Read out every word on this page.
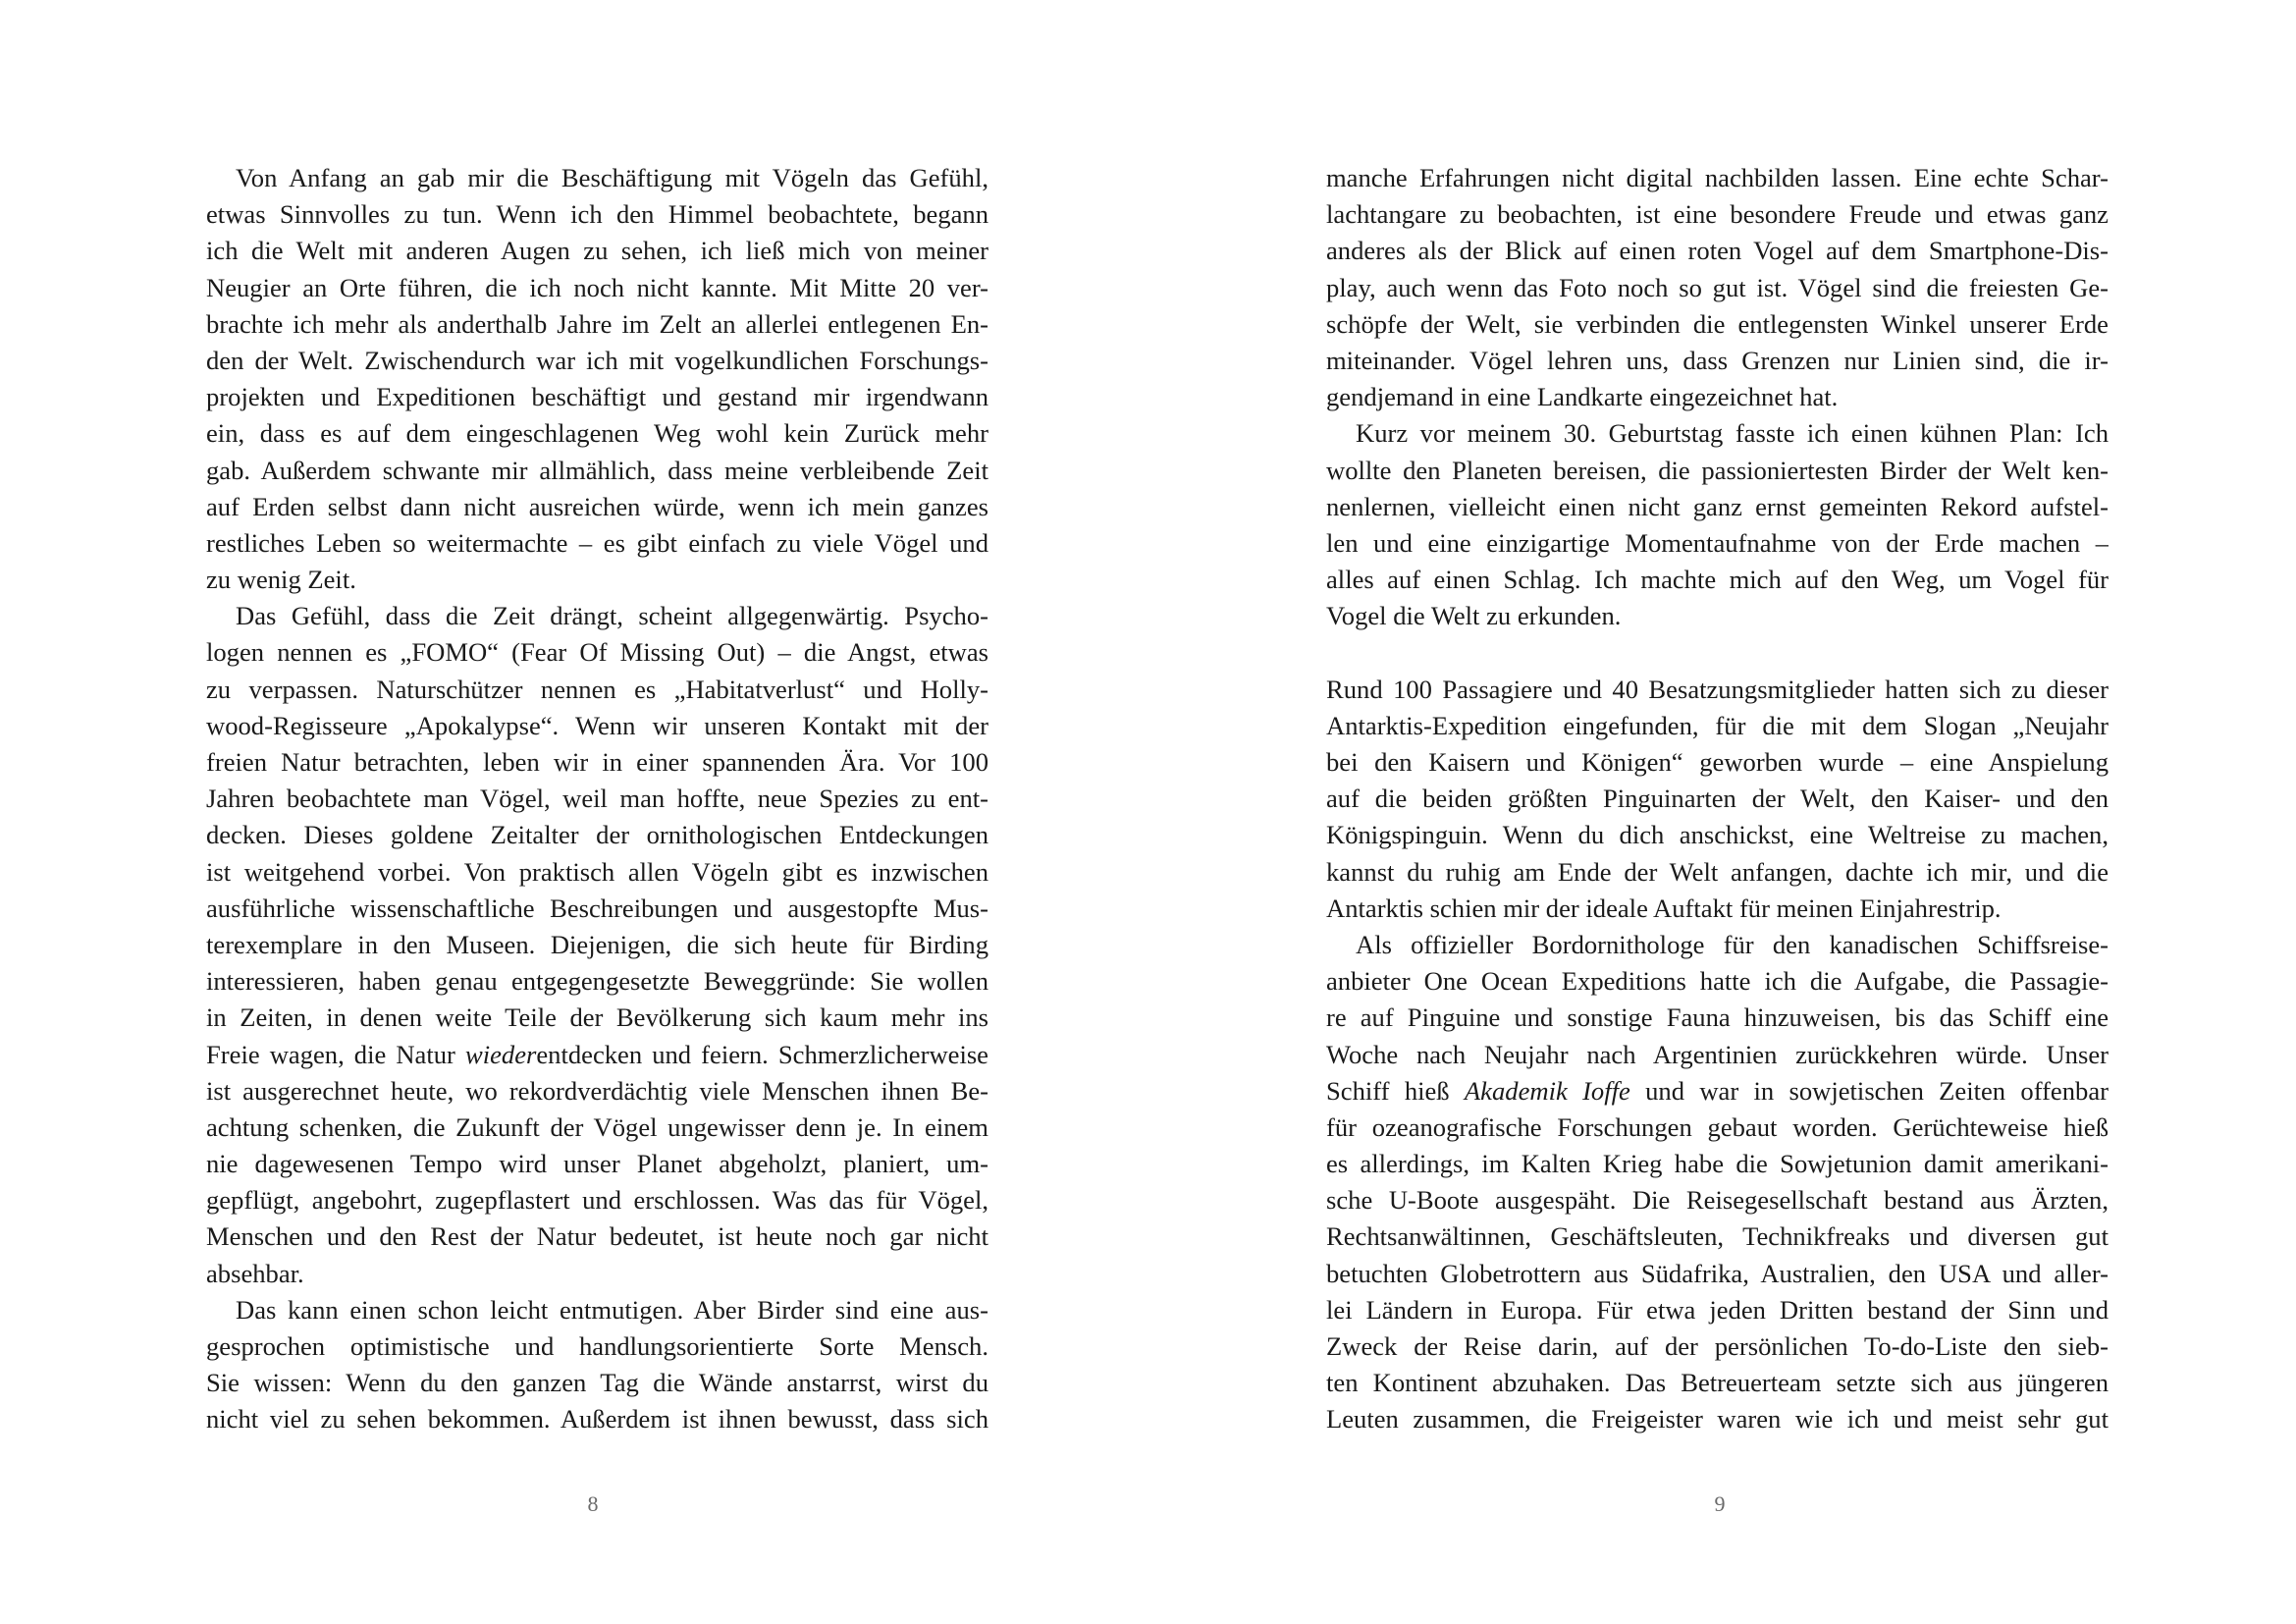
Von Anfang an gab mir die Beschäftigung mit Vögeln das Gefühl,
etwas Sinnvolles zu tun. Wenn ich den Himmel beobachtete, begann
ich die Welt mit anderen Augen zu sehen, ich ließ mich von meiner
Neugier an Orte führen, die ich noch nicht kannte. Mit Mitte 20 ver-
brachte ich mehr als anderthalb Jahre im Zelt an allerlei entlegenen En-
den der Welt. Zwischendurch war ich mit vogelkundlichen Forschungs-
projekten und Expeditionen beschäftigt und gestand mir irgendwann
ein, dass es auf dem eingeschlagenen Weg wohl kein Zurück mehr
gab. Außerdem schwante mir allmählich, dass meine verbleibende Zeit
auf Erden selbst dann nicht ausreichen würde, wenn ich mein ganzes
restliches Leben so weitermachte – es gibt einfach zu viele Vögel und
zu wenig Zeit.
Das Gefühl, dass die Zeit drängt, scheint allgegenwärtig. Psycho-
logen nennen es „FOMO“ (Fear Of Missing Out) – die Angst, etwas
zu verpassen. Naturschützer nennen es „Habitatverlust“ und Holly-
wood-Regisseure „Apokalypse“. Wenn wir unseren Kontakt mit der
freien Natur betrachten, leben wir in einer spannenden Ära. Vor 100
Jahren beobachtete man Vögel, weil man hoffte, neue Spezies zu ent-
decken. Dieses goldene Zeitalter der ornithologischen Entdeckungen
ist weitgehend vorbei. Von praktisch allen Vögeln gibt es inzwischen
ausführliche wissenschaftliche Beschreibungen und ausgestopfte Mus-
terexemplare in den Museen. Diejenigen, die sich heute für Birding
interessieren, haben genau entgegengesetzte Beweggründe: Sie wollen
in Zeiten, in denen weite Teile der Bevölkerung sich kaum mehr ins
Freie wagen, die Natur wiederentdecken und feiern. Schmerzlicherweise
ist ausgerechnet heute, wo rekordverdächtig viele Menschen ihnen Be-
achtung schenken, die Zukunft der Vögel ungewisser denn je. In einem
nie dagewesenen Tempo wird unser Planet abgeholzt, planiert, um-
gepflügt, angebohrt, zugepflastert und erschlossen. Was das für Vögel,
Menschen und den Rest der Natur bedeutet, ist heute noch gar nicht
absehbar.
Das kann einen schon leicht entmutigen. Aber Birder sind eine aus-
gesprochen optimistische und handlungsorientierte Sorte Mensch.
Sie wissen: Wenn du den ganzen Tag die Wände anstarrst, wirst du
nicht viel zu sehen bekommen. Außerdem ist ihnen bewusst, dass sich
8
manche Erfahrungen nicht digital nachbilden lassen. Eine echte Schar-
lachtangare zu beobachten, ist eine besondere Freude und etwas ganz
anderes als der Blick auf einen roten Vogel auf dem Smartphone-Dis-
play, auch wenn das Foto noch so gut ist. Vögel sind die freiesten Ge-
schöpfe der Welt, sie verbinden die entlegensten Winkel unserer Erde
miteinander. Vögel lehren uns, dass Grenzen nur Linien sind, die ir-
gendjemand in eine Landkarte eingezeichnet hat.
Kurz vor meinem 30. Geburtstag fasste ich einen kühnen Plan: Ich
wollte den Planeten bereisen, die passioniertesten Birder der Welt ken-
nenlernen, vielleicht einen nicht ganz ernst gemeinten Rekord aufstel-
len und eine einzigartige Momentaufnahme von der Erde machen –
alles auf einen Schlag. Ich machte mich auf den Weg, um Vogel für
Vogel die Welt zu erkunden.
Rund 100 Passagiere und 40 Besatzungsmitglieder hatten sich zu dieser
Antarktis-Expedition eingefunden, für die mit dem Slogan „Neujahr
bei den Kaisern und Königen“ geworben wurde – eine Anspielung
auf die beiden größten Pinguinarten der Welt, den Kaiser- und den
Königspinguin. Wenn du dich anschickst, eine Weltreise zu machen,
kannst du ruhig am Ende der Welt anfangen, dachte ich mir, und die
Antarktis schien mir der ideale Auftakt für meinen Einjahrestrip.
Als offizieller Bordornithologe für den kanadischen Schiffsreise-
anbieter One Ocean Expeditions hatte ich die Aufgabe, die Passagie-
re auf Pinguine und sonstige Fauna hinzuweisen, bis das Schiff eine
Woche nach Neujahr nach Argentinien zurückkehren würde. Unser
Schiff hieß Akademik Ioffe und war in sowjetischen Zeiten offenbar
für ozeanografische Forschungen gebaut worden. Gerüchteweise hieß
es allerdings, im Kalten Krieg habe die Sowjetunion damit amerikani-
sche U-Boote ausgespäht. Die Reisegesellschaft bestand aus Ärzten,
Rechtsanwältinnen, Geschäftsleuten, Technikfreaks und diversen gut
betuchten Globetrottern aus Südafrika, Australien, den USA und aller-
lei Ländern in Europa. Für etwa jeden Dritten bestand der Sinn und
Zweck der Reise darin, auf der persönlichen To-do-Liste den sieb-
ten Kontinent abzuhaken. Das Betreuerteam setzte sich aus jüngeren
Leuten zusammen, die Freigeister waren wie ich und meist sehr gut
9
